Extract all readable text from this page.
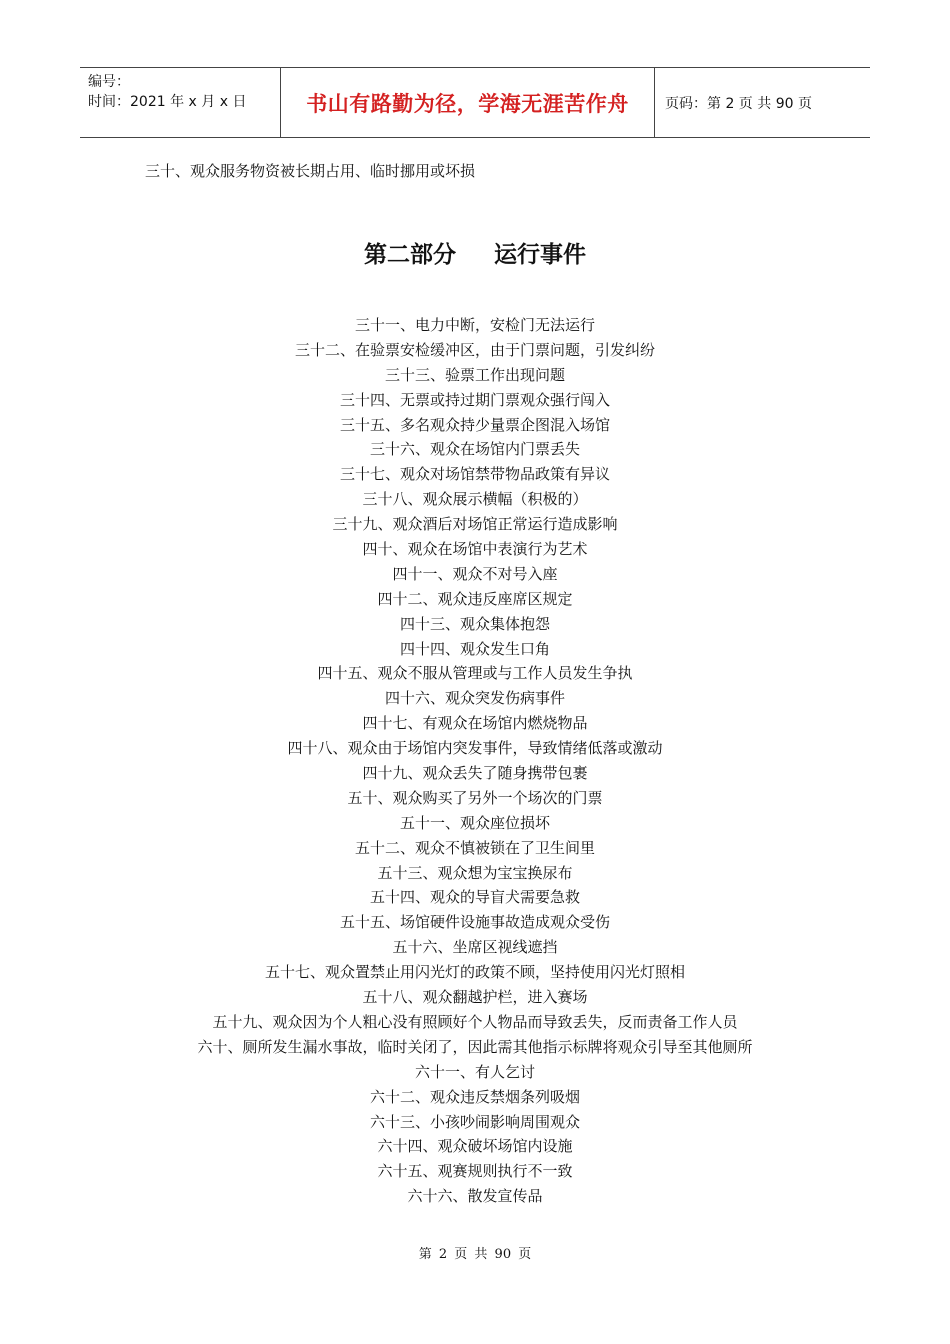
编号：
时间：2021 年 x 月 x 日	书山有路勤为径，学海无涯苦作舟	页码：第 2 页 共 90 页
三十、观众服务物资被长期占用、临时挪用或坏损
第二部分 运行事件
三十一、电力中断，安检门无法运行
三十二、在验票安检缓冲区，由于门票问题，引发纠纷
三十三、验票工作出现问题
三十四、无票或持过期门票观众强行闯入
三十五、多名观众持少量票企图混入场馆
三十六、观众在场馆内门票丢失
三十七、观众对场馆禁带物品政策有异议
三十八、观众展示横幅（积极的）
三十九、观众酒后对场馆正常运行造成影响
四十、观众在场馆中表演行为艺术
四十一、观众不对号入座
四十二、观众违反座席区规定
四十三、观众集体抱怨
四十四、观众发生口角
四十五、观众不服从管理或与工作人员发生争执
四十六、观众突发伤病事件
四十七、有观众在场馆内燃烧物品
四十八、观众由于场馆内突发事件，导致情绪低落或激动
四十九、观众丢失了随身携带包裹
五十、观众购买了另外一个场次的门票
五十一、观众座位损坏
五十二、观众不慎被锁在了卫生间里
五十三、观众想为宝宝换尿布
五十四、观众的导盲犬需要急救
五十五、场馆硬件设施事故造成观众受伤
五十六、坐席区视线遮挡
五十七、观众置禁止用闪光灯的政策不顾，坚持使用闪光灯照相
五十八、观众翻越护栏，进入赛场
五十九、观众因为个人粗心没有照顾好个人物品而导致丢失，反而责备工作人员
六十、厕所发生漏水事故，临时关闭了，因此需其他指示标牌将观众引导至其他厕所
六十一、有人乞讨
六十二、观众违反禁烟条列吸烟
六十三、小孩吵闹影响周围观众
六十四、观众破坏场馆内设施
六十五、观赛规则执行不一致
六十六、散发宣传品
第 2 页 共 90 页
